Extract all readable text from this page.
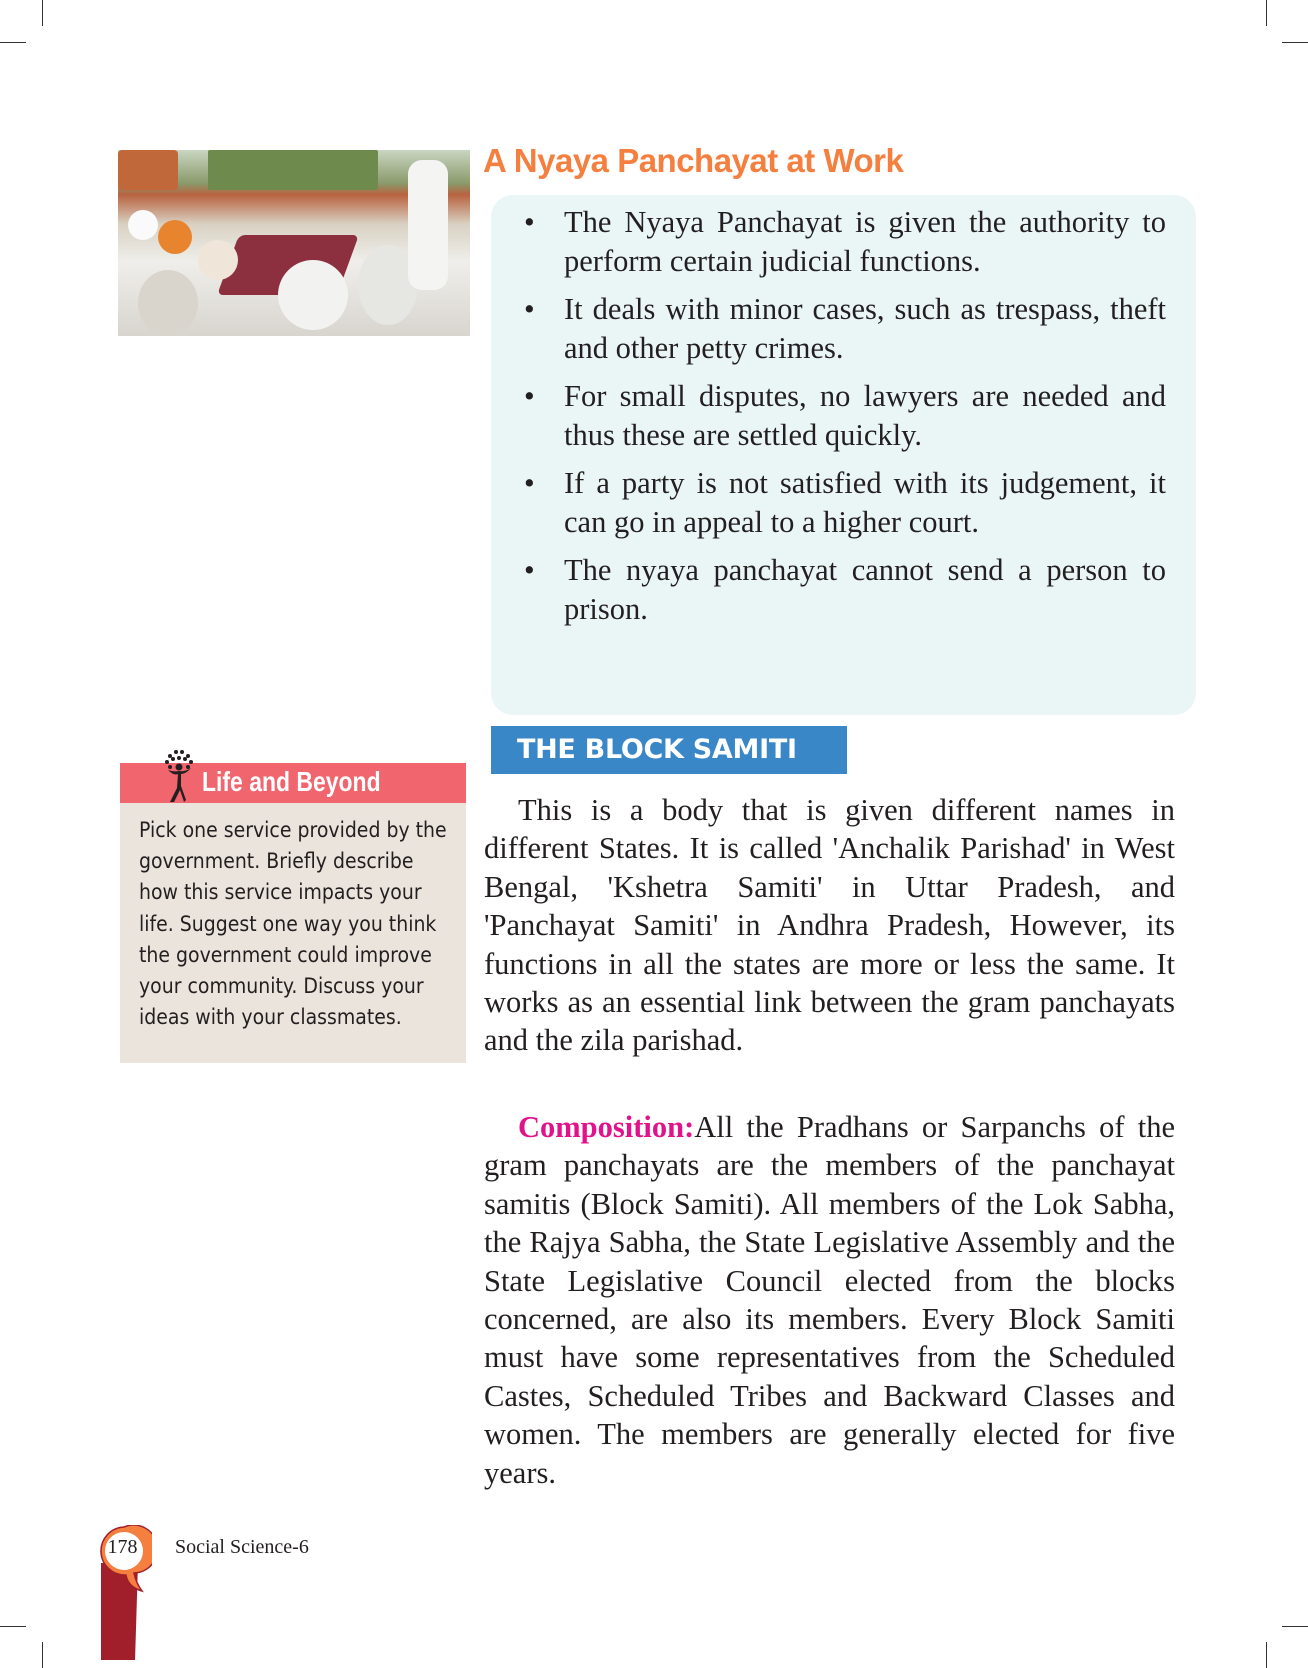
A Nyaya Panchayat at Work
• The Nyaya Panchayat is given the authority to perform certain judicial functions.
• It deals with minor cases, such as trespass, theft and other petty crimes.
• For small disputes, no lawyers are needed and thus these are settled quickly.
• If a party is not satisfied with its judgement, it can go in appeal to a higher court.
• The nyaya panchayat cannot send a person to prison.
THE BLOCK SAMITI

This is a body that is given different names in different States. It is called 'Anchalik Parishad' in West Bengal, 'Kshetra Samiti' in Uttar Pradesh, and 'Panchayat Samiti' in Andhra Pradesh, However, its functions in all the states are more or less the same. It works as an essential link between the gram panchayats and the zila parishad.

Composition:All the Pradhans or Sarpanchs of the gram panchayats are the members of the panchayat samitis (Block Samiti). All members of the Lok Sabha, the Rajya Sabha, the State Legislative Assembly and the State Legislative Council elected from the blocks concerned, are also its members. Every Block Samiti must have some representatives from the Scheduled Castes, Scheduled Tribes and Backward Classes and women. The members are generally elected for five years.

Life and Beyond
Pick one service provided by the government. Briefly describe how this service impacts your life. Suggest one way you think the government could improve your community. Discuss your ideas with your classmates.
178	Social Science-6
